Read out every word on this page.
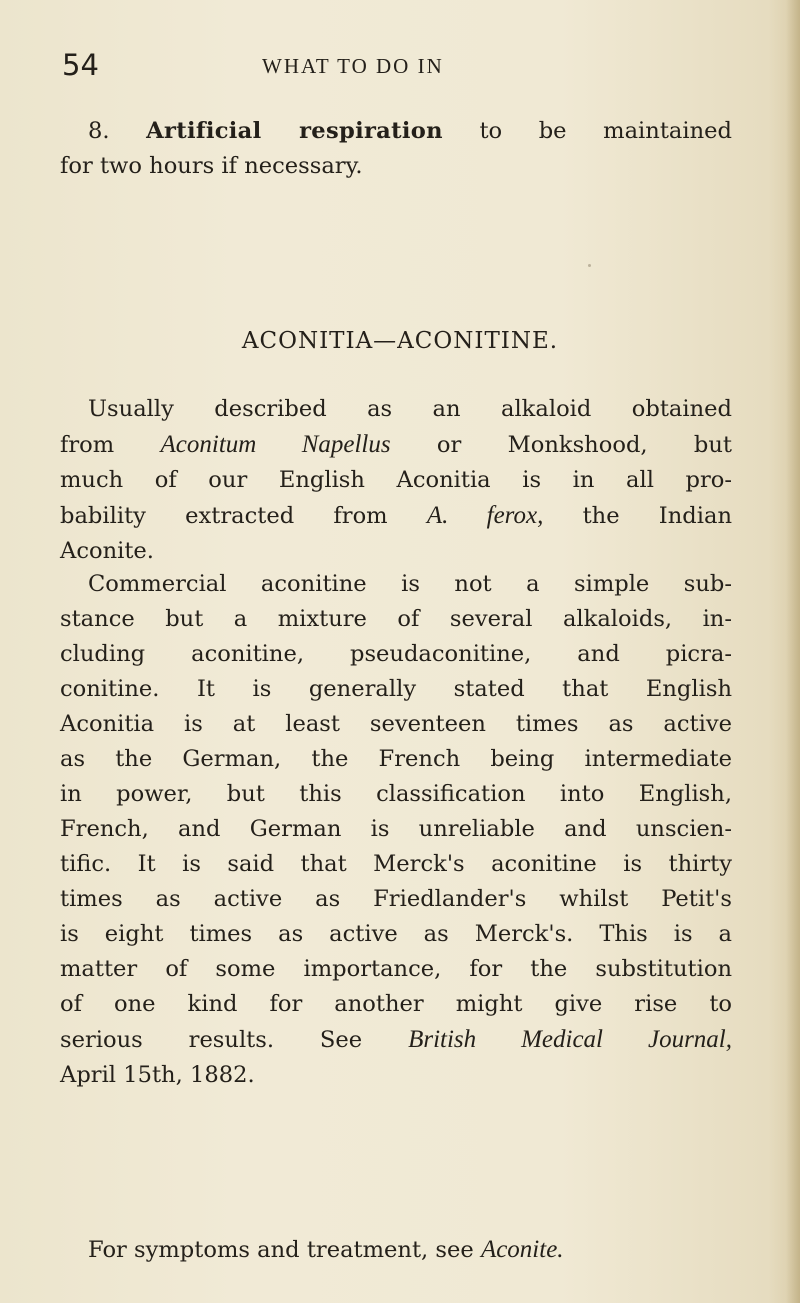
54	WHAT TO DO IN
8. Artificial respiration to be maintained
for two hours if necessary.
ACONITIA—ACONITINE.
Usually described as an alkaloid obtained
from Aconitum Napellus or Monkshood, but
much of our English Aconitia is in all pro-
bability extracted from A. ferox, the Indian
Aconite.
Commercial aconitine is not a simple sub-
stance but a mixture of several alkaloids, in-
cluding aconitine, pseudaconitine, and picra-
conitine. It is generally stated that English
Aconitia is at least seventeen times as active
as the German, the French being intermediate
in power, but this classification into English,
French, and German is unreliable and unscien-
tific. It is said that Merck's aconitine is thirty
times as active as Friedlander's whilst Petit's
is eight times as active as Merck's. This is a
matter of some importance, for the substitution
of one kind for another might give rise to
serious results. See British Medical Journal,
April 15th, 1882.
For symptoms and treatment, see Aconite.
